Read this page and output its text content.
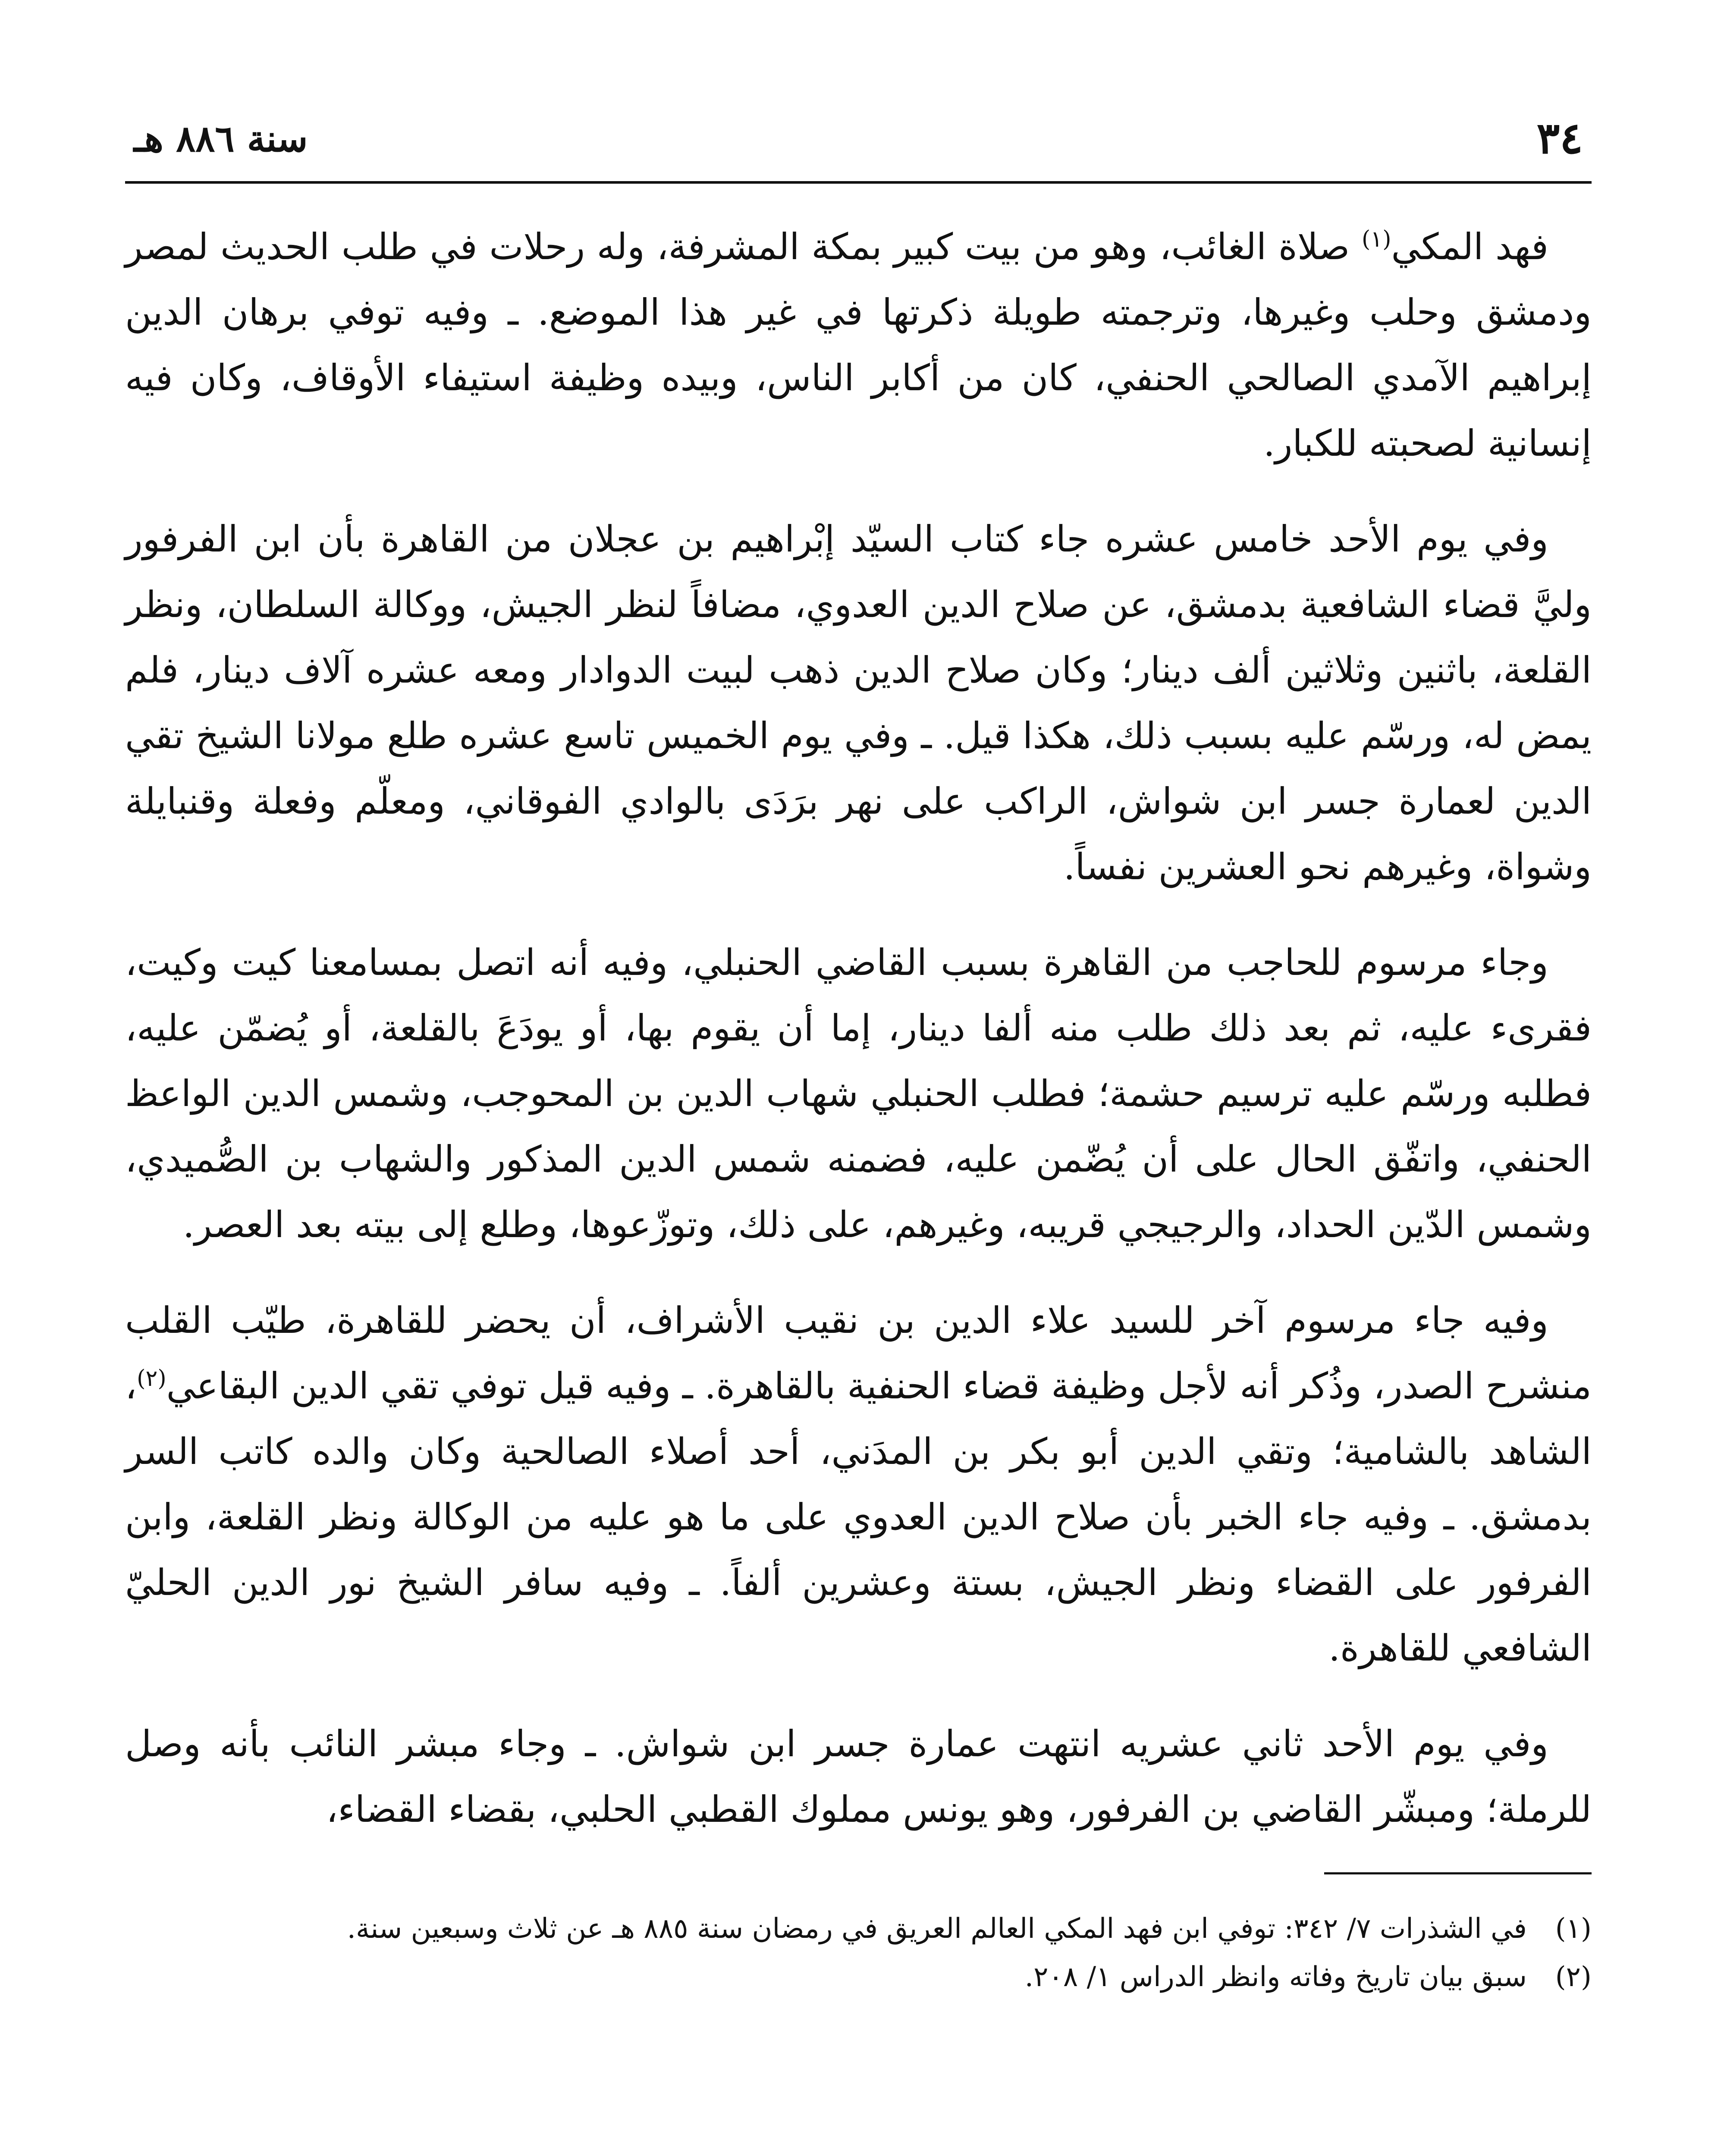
٣٤
سنة ٨٨٦ هـ

فهد المكي$^{(١)}$ صلاة الغائب، وهو من بيت كبير بمكة المشرفة، وله رحلات في طلب الحديث لمصر ودمشق وحلب وغيرها، وترجمته طويلة ذكرتها في غير هذا الموضع. ـ وفيه توفي برهان الدين إبراهيم الآمدي الصالحي الحنفي، كان من أكابر الناس، وبيده وظيفة استيفاء الأوقاف، وكان فيه إنسانية لصحبته للكبار.

وفي يوم الأحد خامس عشره جاء كتاب السيّد إبْراهيم بن عجلان من القاهرة بأن ابن الفرفور وليَّ قضاء الشافعية بدمشق، عن صلاح الدين العدوي، مضافاً لنظر الجيش، ووكالة السلطان، ونظر القلعة، باثنين وثلاثين ألف دينار؛ وكان صلاح الدين ذهب لبيت الدوادار ومعه عشره آلاف دينار، فلم يمض له، ورسّم عليه بسبب ذلك، هكذا قيل. ـ وفي يوم الخميس تاسع عشره طلع مولانا الشيخ تقي الدين لعمارة جسر ابن شواش، الراكب على نهر برَدَى بالوادي الفوقاني، ومعلّم وفعلة وقنبايلة وشواة، وغيرهم نحو العشرين نفساً.

وجاء مرسوم للحاجب من القاهرة بسبب القاضي الحنبلي، وفيه أنه اتصل بمسامعنا كيت وكيت، فقرىء عليه، ثم بعد ذلك طلب منه ألفا دينار، إما أن يقوم بها، أو يودَعَ بالقلعة، أو يُضمّن عليه، فطلبه ورسّم عليه ترسيم حشمة؛ فطلب الحنبلي شهاب الدين بن المحوجب، وشمس الدين الواعظ الحنفي، واتفّق الحال على أن يُضّمن عليه، فضمنه شمس الدين المذكور والشهاب بن الصُّميدي، وشمس الدّين الحداد، والرجيجي قريبه، وغيرهم، على ذلك، وتوزّعوها، وطلع إلى بيته بعد العصر.

وفيه جاء مرسوم آخر للسيد علاء الدين بن نقيب الأشراف، أن يحضر للقاهرة، طيّب القلب منشرح الصدر، وذُكر أنه لأجل وظيفة قضاء الحنفية بالقاهرة. ـ وفيه قيل توفي تقي الدين البقاعي$^{(٢)}$، الشاهد بالشامية؛ وتقي الدين أبو بكر بن المدَني، أحد أصلاء الصالحية وكان والده كاتب السر بدمشق. ـ وفيه جاء الخبر بأن صلاح الدين العدوي على ما هو عليه من الوكالة ونظر القلعة، وابن الفرفور على القضاء ونظر الجيش، بستة وعشرين ألفاً. ـ وفيه سافر الشيخ نور الدين الحليّ الشافعي للقاهرة.

وفي يوم الأحد ثاني عشريه انتهت عمارة جسر ابن شواش. ـ وجاء مبشر النائب بأنه وصل للرملة؛ ومبشّر القاضي بن الفرفور، وهو يونس مملوك القطبي الحلبي، بقضاء القضاء،

(١)
في الشذرات ٧/ ٣٤٢: توفي ابن فهد المكي العالم العريق في رمضان سنة ٨٨٥ هـ عن ثلاث وسبعين سنة.
(٢)
سبق بيان تاريخ وفاته وانظر الدراس ١/ ٢٠٨.
